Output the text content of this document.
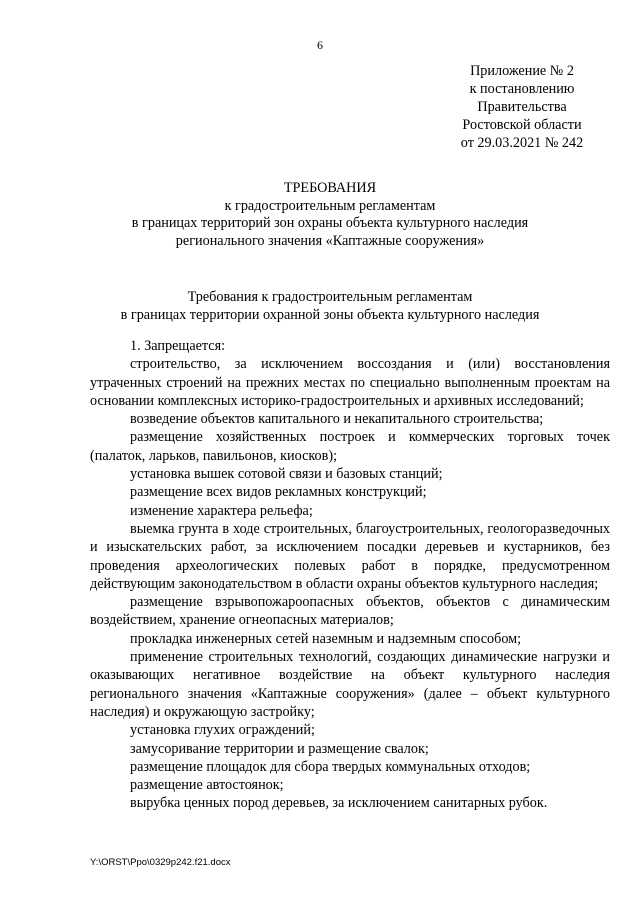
6
Приложение № 2
к постановлению
Правительства
Ростовской области
от 29.03.2021 № 242
ТРЕБОВАНИЯ
к градостроительным регламентам
в границах территорий зон охраны объекта культурного наследия
регионального значения «Каптажные сооружения»
Требования к градостроительным регламентам
в границах территории охранной зоны объекта культурного наследия

1. Запрещается:

строительство, за исключением воссоздания и (или) восстановления утраченных строений на прежних местах по специально выполненным проектам на основании комплексных историко-градостроительных и архивных исследований;

возведение объектов капитального и некапитального строительства;

размещение хозяйственных построек и коммерческих торговых точек (палаток, ларьков, павильонов, киосков);

установка вышек сотовой связи и базовых станций;

размещение всех видов рекламных конструкций;

изменение характера рельефа;

выемка грунта в ходе строительных, благоустроительных, геологоразведочных и изыскательских работ, за исключением посадки деревьев и кустарников, без проведения археологических полевых работ в порядке, предусмотренном действующим законодательством в области охраны объектов культурного наследия;

размещение взрывопожароопасных объектов, объектов с динамическим воздействием, хранение огнеопасных материалов;

прокладка инженерных сетей наземным и надземным способом;

применение строительных технологий, создающих динамические нагрузки и оказывающих негативное воздействие на объект культурного наследия регионального значения «Каптажные сооружения» (далее – объект культурного наследия) и окружающую застройку;

установка глухих ограждений;

замусоривание территории и размещение свалок;

размещение площадок для сбора твердых коммунальных отходов;

размещение автостоянок;

вырубка ценных пород деревьев, за исключением санитарных рубок.

Y:\ORST\Ppo\0329p242.f21.docx
